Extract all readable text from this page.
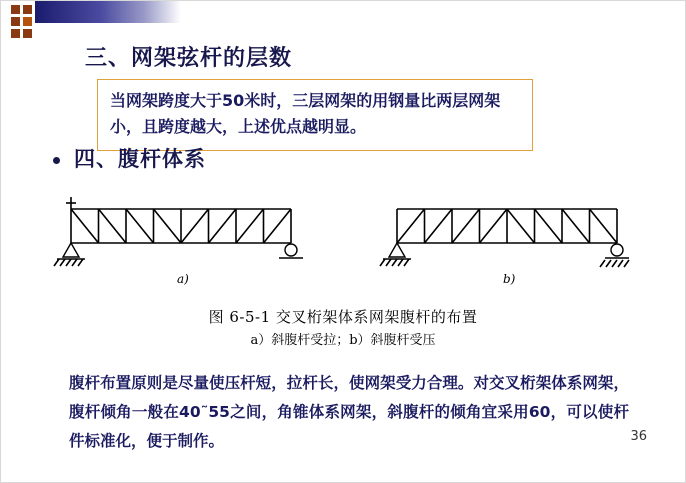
三、网架弦杆的层数
当网架跨度大于50米时，三层网架的用钢量比两层网架小，且跨度越大，上述优点越明显。
四、腹杆体系
a)	b)
图 6-5-1 交叉桁架体系网架腹杆的布置
a）斜腹杆受拉；b）斜腹杆受压
腹杆布置原则是尽量使压杆短，拉杆长，使网架受力合理。对交叉桁架体系网架，腹杆倾角一般在40˜55之间，角锥体系网架，斜腹杆的倾角宜采用60，可以使杆件标准化，便于制作。	36
